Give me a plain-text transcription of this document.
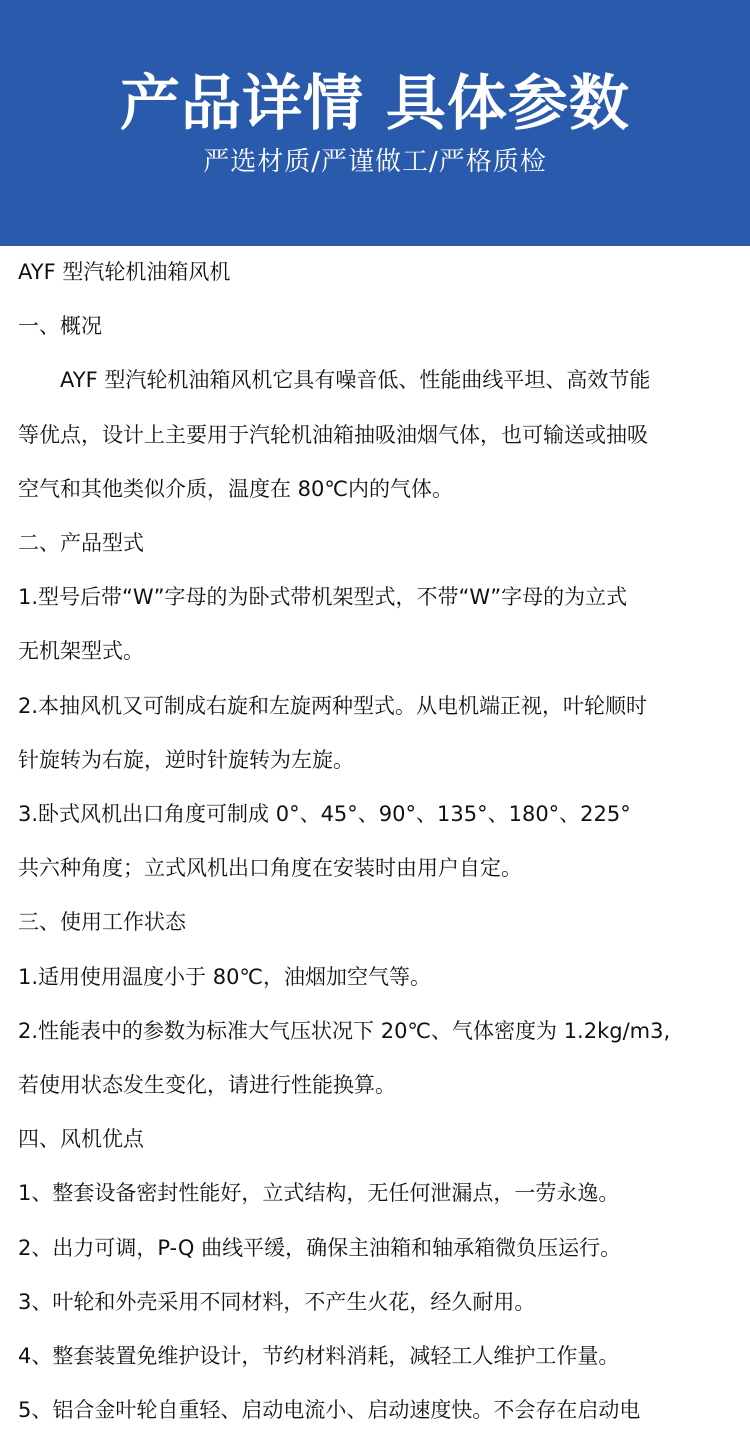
产品详情 具体参数
严选材质/严谨做工/严格质检

AYF 型汽轮机油箱风机

一、概况

AYF 型汽轮机油箱风机它具有噪音低、性能曲线平坦、高效节能

等优点，设计上主要用于汽轮机油箱抽吸油烟气体，也可输送或抽吸

空气和其他类似介质，温度在 80℃内的气体。

二、产品型式

1.型号后带“W”字母的为卧式带机架型式，不带“W”字母的为立式

无机架型式。

2.本抽风机又可制成右旋和左旋两种型式。从电机端正视，叶轮顺时

针旋转为右旋，逆时针旋转为左旋。

3.卧式风机出口角度可制成 0°、45°、90°、135°、180°、225°

共六种角度；立式风机出口角度在安装时由用户自定。

三、使用工作状态

1.适用使用温度小于 80℃，油烟加空气等。

2.性能表中的参数为标准大气压状况下 20℃、气体密度为 1.2kg/m3,

若使用状态发生变化，请进行性能换算。

四、风机优点

1、整套设备密封性能好，立式结构，无任何泄漏点，一劳永逸。

2、出力可调，P-Q 曲线平缓，确保主油箱和轴承箱微负压运行。

3、叶轮和外壳采用不同材料，不产生火花，经久耐用。

4、整套装置免维护设计，节约材料消耗，减轻工人维护工作量。

5、铝合金叶轮自重轻、启动电流小、启动速度快。不会存在启动电
